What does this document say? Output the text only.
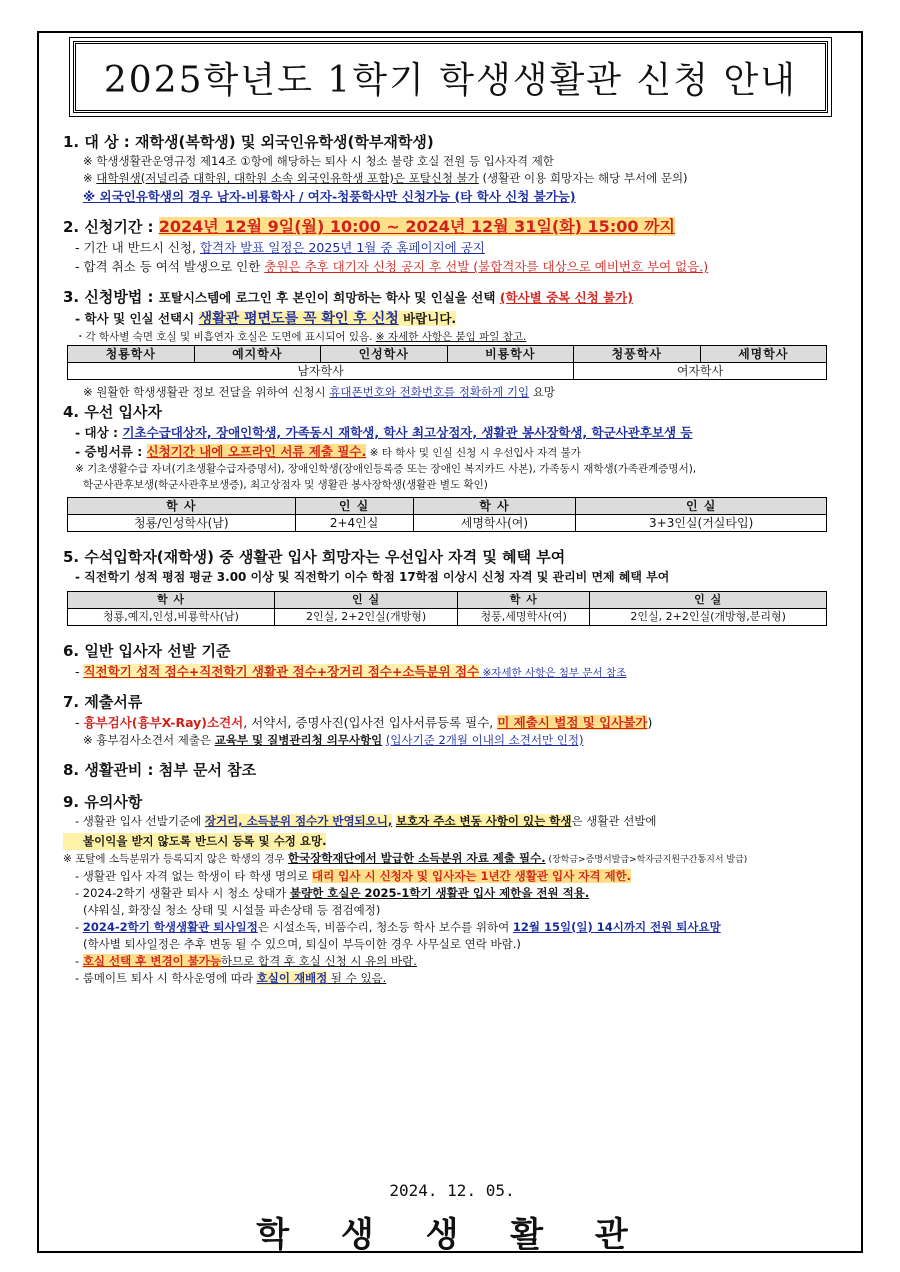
2025학년도 1학기 학생생활관 신청 안내
1. 대 상 : 재학생(복학생) 및 외국인유학생(학부재학생)
※ 학생생활관운영규정 제14조 ①항에 해당하는 퇴사 시 청소 불량 호실 전원 등 입사자격 제한
※ 대학원생(저널리즘 대학원, 대학원 소속 외국인유학생 포함)은 포탈신청 불가 (생활관 이용 희망자는 해당 부서에 문의)
※ 외국인유학생의 경우 남자-비룡학사 / 여자-청풍학사만 신청가능 (타 학사 신청 불가능)
2. 신청기간 : 2024년 12월 9일(월) 10:00 ~ 2024년 12월 31일(화) 15:00 까지
- 기간 내 반드시 신청, 합격자 발표 일정은 2025년 1월 중 홈페이지에 공지
- 합격 취소 등 여석 발생으로 인한 충원은 추후 대기자 신청 공지 후 선발 (불합격자를 대상으로 예비번호 부여 없음.)
3. 신청방법 : 포탈시스템에 로그인 후 본인이 희망하는 학사 및 인실을 선택 (학사별 중복 신청 불가)
- 학사 및 인실 선택시 생활관 평면도를 꼭 확인 후 신청 바랍니다.
・각 학사별 숙면 호실 및 비흡연자 호실은 도면에 표시되어 있음. ※ 자세한 사항은 붙임 파일 참고.
청룡학사	예지학사	인성학사	비룡학사	청풍학사	세명학사
남자학사				여자학사	
※ 원활한 학생생활관 정보 전달을 위하여 신청시 휴대폰번호와 전화번호를 정확하게 기입 요망
4. 우선 입사자
- 대상 : 기초수급대상자, 장애인학생, 가족동시 재학생, 학사 최고상점자, 생활관 봉사장학생, 학군사관후보생 등
- 증빙서류 : 신청기간 내에 오프라인 서류 제출 필수. ※ 타 학사 및 인실 신청 시 우선입사 자격 불가
※ 기초생활수급 자녀(기초생활수급자증명서), 장애인학생(장애인등록증 또는 장애인 복지카드 사본), 가족동시 재학생(가족관계증명서),
학군사관후보생(학군사관후보생증), 최고상점자 및 생활관 봉사장학생(생활관 별도 확인)
학 사	인 실	학 사	인 실
청룡/인성학사(남)	2+4인실	세명학사(여)	3+3인실(거실타입)
5. 수석입학자(재학생) 중 생활관 입사 희망자는 우선입사 자격 및 혜택 부여
- 직전학기 성적 평점 평균 3.00 이상 및 직전학기 이수 학점 17학점 이상시 신청 자격 및 관리비 면제 혜택 부여
학 사	인 실	학 사	인 실
청룡,예지,인성,비룡학사(남)	2인실, 2+2인실(개방형)	청풍,세명학사(여)	2인실, 2+2인실(개방형,분리형)
6. 일반 입사자 선발 기준
- 직전학기 성적 점수+직전학기 생활관 점수+장거리 점수+소득분위 점수 ※자세한 사항은 첨부 문서 참조
7. 제출서류
- 흉부검사(흉부X-Ray)소견서, 서약서, 증명사진(입사전 입사서류등록 필수, 미 제출시 벌점 및 입사불가)
※ 흉부검사소견서 제출은 교육부 및 질병관리청 의무사항임 (입사기준 2개월 이내의 소견서만 인정)
8. 생활관비 : 첨부 문서 참조
9. 유의사항
- 생활관 입사 선발기준에 장거리, 소득분위 점수가 반영되오니, 보호자 주소 변동 사항이 있는 학생은 생활관 선발에
불이익을 받지 않도록 반드시 등록 및 수정 요망.
※ 포탈에 소득분위가 등록되지 않은 학생의 경우 한국장학재단에서 발급한 소득분위 자료 제출 필수. (장학금>증명서발급>학자금지원구간통지서 발급)
- 생활관 입사 자격 없는 학생이 타 학생 명의로 대리 입사 시 신청자 및 입사자는 1년간 생활관 입사 자격 제한.
- 2024-2학기 생활관 퇴사 시 청소 상태가 불량한 호실은 2025-1학기 생활관 입사 제한을 전원 적용.
(샤워실, 화장실 청소 상태 및 시설물 파손상태 등 점검예정)
- 2024-2학기 학생생활관 퇴사일정은 시설소독, 비품수리, 청소등 학사 보수를 위하여 12월 15일(일) 14시까지 전원 퇴사요망
(학사별 퇴사일정은 추후 변동 될 수 있으며, 퇴실이 부득이한 경우 사무실로 연락 바람.)
- 호실 선택 후 변경이 불가능하므로 합격 후 호실 신청 시 유의 바람.
- 룸메이트 퇴사 시 학사운영에 따라 호실이 재배정 될 수 있음.
2024. 12. 05.
학 생 생 활 관
